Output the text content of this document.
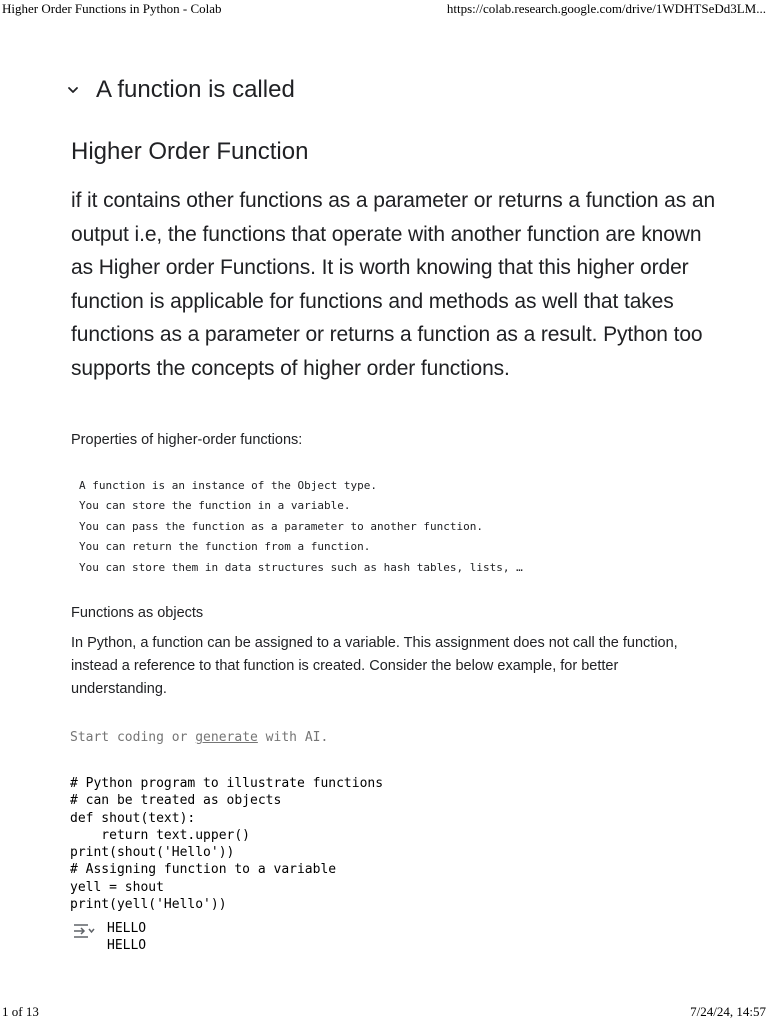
Higher Order Functions in Python - Colab	https://colab.research.google.com/drive/1WDHTSeDd3LM...
A function is called
Higher Order Function

if it contains other functions as a parameter or returns a function as an output i.e, the functions that operate with another function are known as Higher order Functions. It is worth knowing that this higher order function is applicable for functions and methods as well that takes functions as a parameter or returns a function as a result. Python too supports the concepts of higher order functions.

Properties of higher-order functions:

A function is an instance of the Object type.
You can store the function in a variable.
You can pass the function as a parameter to another function.
You can return the function from a function.
You can store them in data structures such as hash tables, lists, …

Functions as objects

In Python, a function can be assigned to a variable. This assignment does not call the function, instead a reference to that function is created. Consider the below example, for better understanding.

Start coding or generate with AI.
# Python program to illustrate functions
# can be treated as objects
def shout(text):
return text.upper()
print(shout('Hello'))
# Assigning function to a variable
yell = shout
print(yell('Hello'))
HELLO
HELLO
1 of 13	7/24/24, 14:57
